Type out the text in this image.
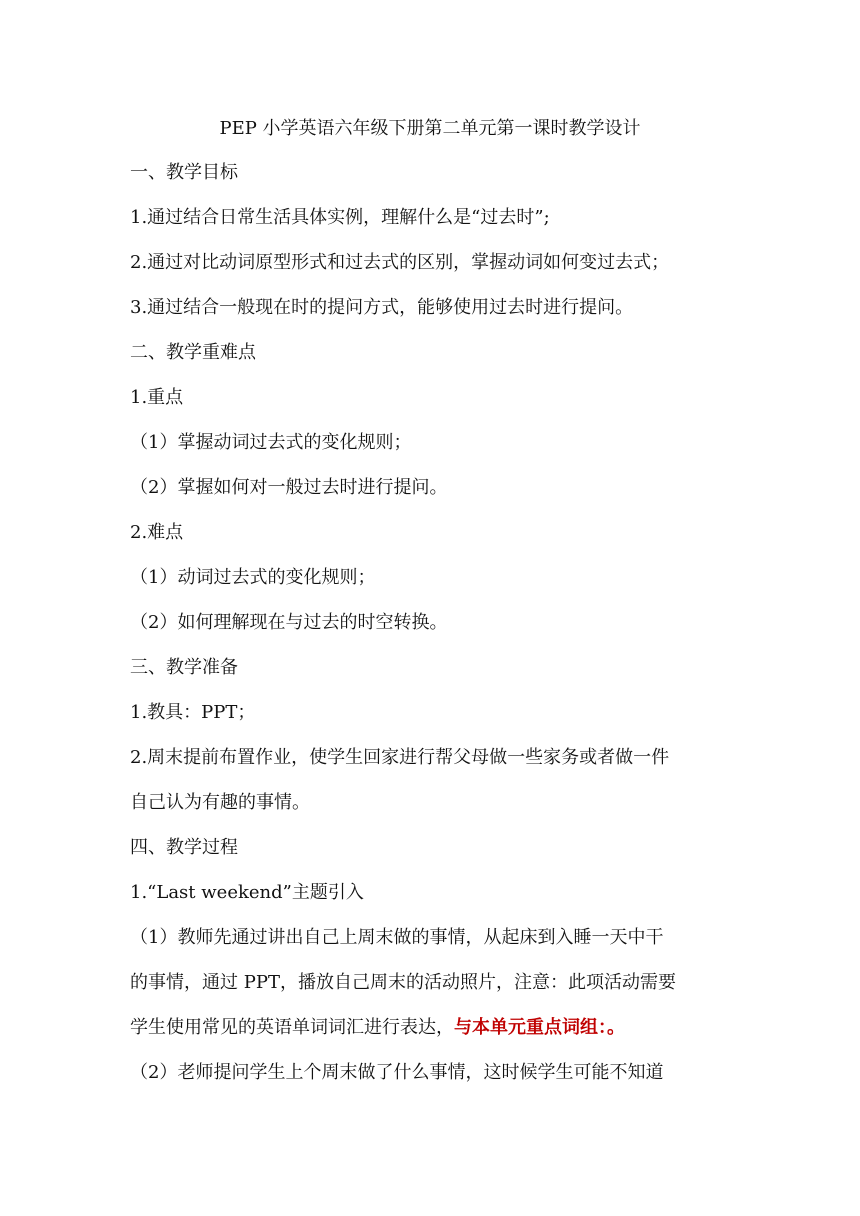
PEP 小学英语六年级下册第二单元第一课时教学设计
一、教学目标
1.通过结合日常生活具体实例，理解什么是“过去时”;
2.通过对比动词原型形式和过去式的区别，掌握动词如何变过去式；
3.通过结合一般现在时的提问方式，能够使用过去时进行提问。
二、教学重难点
1.重点
（1）掌握动词过去式的变化规则；
（2）掌握如何对一般过去时进行提问。
2.难点
（1）动词过去式的变化规则；
（2）如何理解现在与过去的时空转换。
三、教学准备
1.教具：PPT；
2.周末提前布置作业，使学生回家进行帮父母做一些家务或者做一件
自己认为有趣的事情。
四、教学过程
1.“Last weekend”主题引入
（1）教师先通过讲出自己上周末做的事情，从起床到入睡一天中干
的事情，通过 PPT，播放自己周末的活动照片，注意：此项活动需要
学生使用常见的英语单词词汇进行表达，与本单元重点词组：。
（2）老师提问学生上个周末做了什么事情，这时候学生可能不知道
